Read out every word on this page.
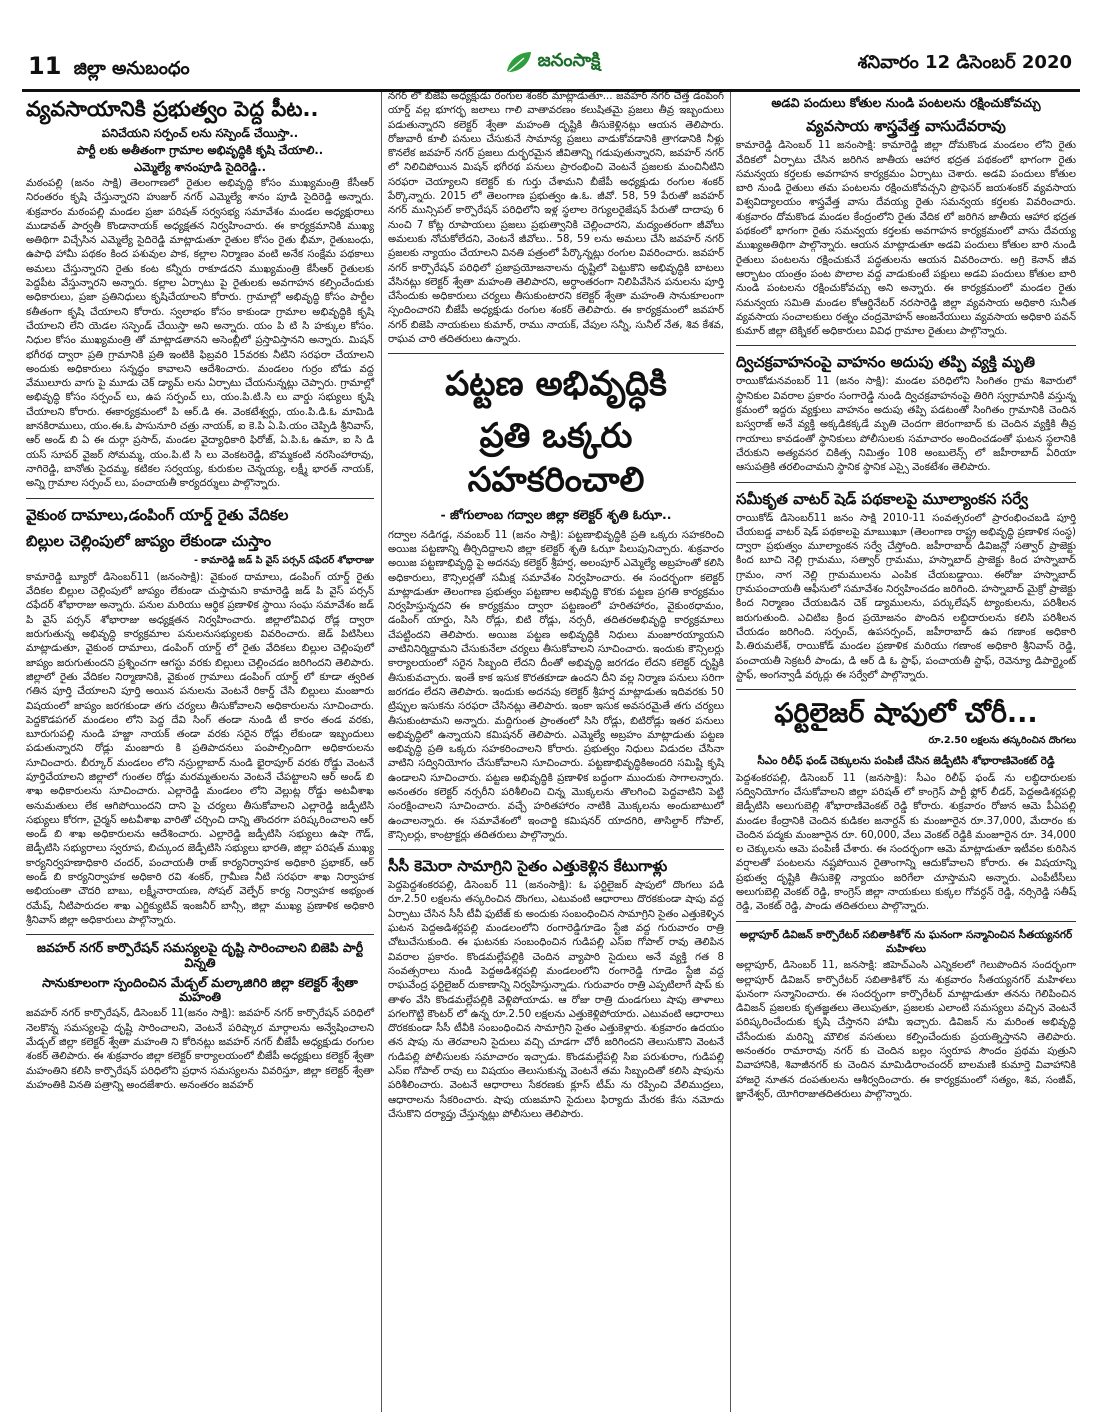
11 జిల్లా అనుబంధం	జనంసాక్షి	శనివారం 12 డిసెంబర్ 2020
వ్యవసాయానికి ప్రభుత్వం పెద్ద పీట..
పనిచేయని సర్పంచ్ లను సస్పెండ్ చేయిస్తా..
పార్టీ లకు అతీతంగా గ్రామాల అభివృద్ధికి కృషి చేయాలి..
ఎమ్మెల్యే శానంపూడి సైదిరెడ్డి..

మఠంపల్లి (జనం సాక్షి) తెలంగాణలో రైతుల అభివృద్ధి కోసం ముఖ్యమంత్రి కేసీఆర్ నిరంతరం కృషి చేస్తున్నారని హుజుర్ నగర్ ఎమ్మెల్యే శానం పూడి సైదిరెడ్డి అన్నారు. శుక్రవారం మఠంపల్లి మండల ప్రజా పరిషత్ సర్వసభ్య సమావేశం మండల అధ్యక్షురాలు ముడావత్ పార్వతీ కొండానాయక్ అధ్యక్షతన నిర్వహించారు. ఈ కార్యక్రమానికి ముఖ్య అతిథిగా విచ్చేసిన ఎమ్మెల్యే సైదిరెడ్డి మాట్లాడుతూ రైతుల కోసం రైతు భీమా, రైతుబంధు, ఉపాధి హామీ పథకం కింద పశువుల పాక, కల్లాల నిర్మాణం వంటి అనేక సంక్షేమ పథకాలు అమలు చేస్తున్నారని రైతు కంట కన్నీరు రాకూడదని ముఖ్యమంత్రి కేసీఆర్ రైతులకు పెద్దపీట వేస్తున్నారని అన్నారు. కల్లాల ఏర్పాటు పై రైతులకు అవగాహన కల్పించేందుకు అధికారులు, ప్రజా ప్రతినిధులు కృషిచేయాలని కోరారు. గ్రామాల్లో అభివృద్ధి కోసం పార్టీల కతీతంగా కృషి చేయాలని కోరారు. స్వలాభం కోసం కాకుండా గ్రామాల అభివృద్ధికి కృషి చేయాలని లేని యెడల సస్పెండ్ చేయిస్తా అని అన్నారు. యం పి టి సి హక్కుల కోసం. నిధుల కోసం ముఖ్యమంత్రి తో మాట్లాడతానని అసెంబ్లీలో ప్రస్తావిస్తానని అన్నారు. మిషన్ భగీరథ ద్వారా ప్రతి గ్రామానికి ప్రతి ఇంటికి ఫిబ్రవరి 15వరకు నీటిని సరఫరా చేయాలని అందుకు అధికారులు సన్నద్ధం కావాలని ఆదేశించారు. మండలం గుర్రం బోడు వద్ద వేములూరు వాగు పై మూడు చెక్ డ్యామ్ లను ఏర్పాటు చేయనున్నట్లు చెప్పారు. గ్రామాల్లో అభివృద్ధి కోసం సర్పంచ్ లు, ఉప సర్పంచ్ లు, యం.పి.టి.సి లు వార్డు సభ్యులు కృషి చేయాలని కోరారు. ఈకార్యక్రమంలో పి ఆర్.డి ఈ. వెంకటేశ్వర్లు, యం.పి.డి.ఓ మామిడి జానకిరాములు, యం.ఈ.ఓ పాసునూరి చత్రు నాయక్, ఐ కె.పి ఏ.పి.యం చెప్పిడి శ్రీనివాస్, ఆర్ అండ్ బి ఏ ఈ దుర్గా ప్రసాద్, మండల వైద్యాధికారి ఫిరోజ్, ఏ.పి.ఓ ఉమా, ఐ సి డి యస్ సూపర్ వైజర్ సోమమ్మ, యం.పి.టి సి లు వెంకటరెడ్డి, బొమ్మకంటి నరసింహారావు, నాగిరెడ్డి, బానోతు సైదమ్మ, కటికల సర్వయ్య, కురుకుల చెన్నయ్య, లక్ష్మీ భారత్ నాయక్, అన్ని గ్రామాల సర్పంచ్ లు, పంచాయతీ కార్యదర్శులు పాల్గొన్నారు.

వైకుంఠ దామాలు,డంపింగ్ యార్డ్ రైతు వేదికల
బిల్లుల చెల్లింపులో జాప్యం లేకుండా చుస్తాం
- కామారెడ్డి జడ్ పి వైస్ పర్సన్ దఫేదర్ శోభారాజు

కామారెడ్డి బ్యూరో డిసెంబర్11 (జనంసాక్షి): వైకుంఠ దామాలు, డంపింగ్ యార్డ్ రైతు వేదికల బిల్లుల చెల్లింపులో జాప్యం లేకుండా చుస్తామని కామారెడ్డి జడ్ పి వైస్ పర్సన్ దఫేదర్ శోభారాజు అన్నారు. పనుల మరియు ఆర్థిక ప్రణాళిక స్థాయి సంఘ సమావేశం జడ్ పి వైస్ పర్సన్ శోభారాజు అధ్యక్షతన నిర్వహించారు. జిల్లాలోవివిధ రోడ్ల ద్వారా జరుగుతున్న అభివృద్ధి కార్యక్రమాల పనులనుసభ్యులకు వివరించారు. జెడ్ పిటిసిలు మాట్లాడుతూ, వైకుంఠ దామాలు, డంపింగ్ యార్డ్ లో రైతు వేదికలు బిల్లుల చెల్లింపులో జాప్యం జరుగుతుందని ప్రశ్నించగా ఆగస్టు వరకు బిల్లులు చెల్లించడం జరిగిందని తెలిపారు. జిల్లాలో రైతు వేదికల నిర్మాణానికి, వైకుంఠ గ్రామాలు డంపింగ్ యార్డ్ లో కూడా త్వరిత గతిన పూర్తి చేయాలని పూర్తి అయిన పనులను వెంటనే రికార్డ్ చేసి బిల్లులు మంజూరు విషయంలో జాప్యం జరగకుండా తగు చర్యలు తీసుకోవాలని అధికారులను సూచించారు. పెద్దకొడపగల్ మండలం లోని పెద్ద దేవి సింగ్ తండా నుండి టీ కారం తండ వరకు, బూరుగుపల్లి నుండి హజ్జా నాయక్ తండా వరకు సరైన రోడ్లు లేకుండా ఇబ్బందులు పడుతున్నారని రోడ్లు మంజూరు కి ప్రతిపాదనలు పంపాల్సిందిగా అధికారులను సూచించారు. బీర్కూర్ మండలం లోని నస్రుల్లాబాద్ నుండి భైరాపూర్ వరకు రోడ్డు వెంటనే పూర్తిచేయాలని జిల్లాలో గుంతల రోడ్లు మరమ్మతులను వెంటనే చేపట్టాలని ఆర్ అండ్ బి శాఖ అధికారులను సూచించారు. ఎల్లారెడ్డి మండలం లోని వెల్లుట్ల రోడ్డు అటవీశాఖ అనుమతులు లేక ఆగిపోయిందని దాని పై చర్యలు తీసుకోవాలని ఎల్లారెడ్డి జడ్పీటిసి సభ్యులు కోరగా, చైర్మన్ అటవీశాఖ వారితో చర్చించి దాన్ని తొందరగా పరిష్కరించాలని ఆర్ అండ్ బి శాఖ అధికారులను ఆదేశించారు. ఎల్లారెడ్డి జడ్పీటిసి సభ్యులు ఉషా గౌడ్, జెడ్పీటిసి సభ్యురాలు స్వరూప, బిచ్కుంద జెడ్పీటిసి సభ్యులు భారతి, జిల్లా పరిషత్ ముఖ్య కార్యనిర్వహణాధికారి చందర్, పంచాయతీ రాజ్ కార్యనిర్వాహక అధికారి ప్రభాకర్, ఆర్ అండ్ బి కార్యనిర్వాహక అధికారి రవి శంకర్, గ్రామీణ నీటి సరఫరా శాఖ నిర్వాహక అభియంతా చౌదరి బాబు, లక్ష్మీనారాయణ, సోషల్ వెల్ఫేర్ కార్య నిర్వాహక అభ్యంత రమేష్, నీటిపారుదల శాఖ ఎగ్జిక్యుటివ్ ఇంజనీర్ బాన్సీ, జిల్లా ముఖ్య ప్రణాళిక అధికారి శ్రీనివాస్ జిల్లా అధికారులు పాల్గొన్నారు.

జవహర్ నగర్ కార్పొరేషన్ సమస్యలపై దృష్టి సారించాలని బిజెపి పార్టీ విన్నతి
సానుకూలంగా స్పందించిన మేడ్చల్ మల్కాజిగిరి జిల్లా కలెక్టర్ శ్వేతా మహంతి

జవహర్ నగర్ కార్పొరేషన్, డిసెంబర్ 11(జనం సాక్షి): జవహర్ నగర్ కార్పొరేషన్ పరిధిలో నెలకొన్న సమస్యలపై దృష్టి సారించాలని, వెంటనే పరిష్కార మార్గాలను అన్వేషించాలని మేడ్చల్ జిల్లా కలెక్టర్ శ్వేతా మహంతి ని కోరినట్లు జవహర్ నగర్ బీజేపీ అధ్యక్షుడు రంగుల శంకర్ తెలిపారు. ఈ శుక్రవారం జిల్లా కలెక్టర్ కార్యాలయంలో బీజేపీ అధ్యక్షులు కలెక్టర్ శ్వేతా మహంతిని కలిసి కార్పొరేషన్ పరిధిలోని ప్రధాన సమస్యలను వివరిస్తూ, జిల్లా కలెక్టర్ శ్వేతా మహంతికి వినతి పత్రాన్ని అందజేశారు. అనంతరం జవహర్

నగర్ లో బీజేపీ అధ్యక్షుడు రంగుల శంకర్ మాట్లాడుతూ... జవహర్ నగర్ చెత్త డంపింగ్ యార్డ్ వల్ల భూగర్భ జలాలు గాలి వాతావరణం కలుషితమై ప్రజలు తీవ్ర ఇబ్బందులు పడుతున్నారని కలెక్టర్ శ్వేతా మహంతి దృష్టికి తీసుకెళ్లినట్లు ఆయన తెలిపారు. రోజువారీ కూలీ పనులు చేసుకునే సామాన్య ప్రజలు వాడుకోవడానికి త్రాగడానికి నీళ్లు కొనలేక జవహర్ నగర్ ప్రజలు దుర్భరమైన జీవితాన్ని గడుపుతున్నారని, జవహర్ నగర్ లో నిలిచిపోయిన మిషన్ భగీరథ పనులు ప్రారంభించి వెంటనే ప్రజలకు మంచినీటిని సరఫరా చెయ్యాలని కలెక్టర్ కు గుర్తు చేశామని బీజేపీ అధ్యక్షుడు రంగుల శంకర్ పేర్కొన్నారు. 2015 లో తెలంగాణ ప్రభుత్వం ఉ.ఓ. జీవో. 58, 59 పేరుతో జవహర్ నగర్ మున్సిపల్ కార్పొరేషన్ పరిధిలోని ఇళ్ల స్థలాల రెగ్యులరైజేషన్ పేరుతో దాదాపు 6 నుంచి 7 కోట్ల రూపాయలు ప్రజలు ప్రభుత్వానికి చెల్లించారని, మద్యంతరంగా జీవోలు అమలుకు నోచుకోలేదని, వెంటనే జీవోలు.. 58, 59 లను అమలు చేసి జవహర్ నగర్ ప్రజలకు న్యాయం చేయాలని వినతి పత్రంలో పేర్కొన్నట్లు రంగుల వివరించారు. జవహర్ నగర్ కార్పొరేషన్ పరిధిలో ప్రజాప్రయోజనాలను దృష్టిలో పెట్టుకొని అభివృద్ధికి బాటలు వేసినట్లు కలెక్టర్ శ్వేతా మహంతి తెలిపారని, అర్ధాంతరంగా నిలిపివేసిన పనులను పూర్తి చేసేందుకు అధికారులు చర్యలు తీసుకుంటారని కలెక్టర్ శ్వేతా మహంతి సానుకూలంగా స్పందించారని బీజేపీ అధ్యక్షుడు రంగుల శంకర్ తెలిపారు. ఈ కార్యక్రమంలో జవహర్ నగర్ బిజెపి నాయకులు కుమార్, రాము నాయక్, వేపుల సన్నీ, సునీల్ నేత, శివ కేశవ, రాఘవ చారి తదితరులు ఉన్నారు.

పట్టణ అభివృద్ధికి
ప్రతి ఒక్కరు సహకరించాలి
- జోగులాంబ గద్వాల జిల్లా కలెక్టర్ శృతి ఓఝా..

గద్వాల నడిగడ్డ, నవంబర్ 11 (జనం సాక్షి): పట్టణాభివృద్ధికి ప్రతి ఒక్కరు సహకరించి అయిజ పట్టణాన్ని తీర్చిదిద్దాలని జిల్లా కలెక్టర్ శృతి ఓఝా పిలుపునిచ్చారు. శుక్రవారం అయిజ పట్టణాభివృద్ధి పై అదనపు కలెక్టర్ శ్రీహర్ష, అలంపూర్ ఎమ్మెల్యే అబ్రహంతో కలిసి అధికారులు, కౌన్సిలర్లతో సమీక్ష సమావేశం నిర్వహించారు. ఈ సందర్భంగా కలెక్టర్ మాట్లాడుతూ తెలంగాణ ప్రభుత్వం పట్టణాల అభివృద్ధి కొరకు పట్టణ ప్రగతి కార్యక్రమం నిర్వహిస్తున్నదని ఈ కార్యక్రమం ద్వారా పట్టణంలో హరితహారం, వైకుంఠధామం, డంపింగ్ యార్డు, సిసి రోడ్లు, బిటి రోడ్లు, నర్సరీ, తదితరఅభివృద్ధి కార్యక్రమాలు చేపట్టిందని తెలిపారు. అయిజ పట్టణ అభివృద్ధికి నిధులు మంజూరయ్యాయని వాటినినిర్మిద్దామని చేసుకునేలా చర్యలు తీసుకోవాలని సూచించారు. ఇందుకు కౌన్సిలర్లు కార్యాలయంలో సరైన సిబ్బంది లేదని దీంతో అభివృద్ధి జరగడం లేదని కలెక్టర్ దృష్టికి తీసుకువచ్చారు. ఇంతే కాక ఇసుక కొరతకూడా ఉందని దీని వల్ల నిర్మాణ పనులు సరిగా జరగడం లేదని తెలిపారు. ఇందుకు అదనపు కలెక్టర్ శ్రీహర్ష మాట్లాడుతు ఇదివరకు 50 ట్రిప్పుల ఇసుకను సరఫరా చేసినట్లు తెలిపారు. ఇంకా ఇసుక అవసరమైతే తగు చర్యలు తీసుకుంటామని అన్నారు. మద్దిగుంత ప్రాంతంలో సిసి రోడ్లు, బిటిరోడ్లు ఇతర పనులు అభివృద్ధిలో ఉన్నాయని కమిషనర్ తెలిపారు. ఎమ్మెల్యే అబ్రహం మాట్లాడుతు పట్టణ అభివృద్ధి ప్రతి ఒక్కరు సహకరించాలని కోరారు. ప్రభుత్వం నిధులు విడుదల చేసినా వాటిని సద్వినియోగం చేసుకోవాలని సూచించారు. పట్టణాభివృద్ధికిఅందరి సమిష్టి కృషి ఉండాలని సూచించారు. పట్టణ అభివృద్ధికి ప్రణాళిక బద్ధంగా ముందుకు సాగాలన్నారు. అనంతరం కలెక్టర్ నర్సరీని పరిశీలించి చిన్న మొక్కలను తొలగించి పెద్దవాటిని పెట్టి సంరక్షించాలని సూచించారు. వచ్చే హరితహారం నాటికి మొక్కలను అందుబాటులో ఉంచాలన్నారు. ఈ సమావేశంలో ఇంచార్జి కమిషనర్ యాదగిరి, తాసిల్దార్ గోపాల్, కౌన్సిలర్లు, కాంట్రాక్టర్లు తదితరులు పాల్గొన్నారు.

సీసీ కెమెరా సామాగ్రిని సైతం ఎత్తుకెళ్లిన కేటుగాళ్లు

పెద్దపెద్దశంకరపల్లి, డిసెంబర్ 11 (జనంసాక్షి): ఓ ఫర్టిలైజర్ షాపులో దొంగలు పడి రూ.2.50 లక్షలను తస్కరించిన దొంగలు, ఎటువంటి ఆధారాలు దొరకకుండా షాపు వద్ద ఏర్పాటు చేసిన సీసీ టీవీ ఫుటేజ్ కు అందుకు సంబంధించిన సామాగ్రిని సైతం ఎత్తుకెళ్ళిన ఘటన పెద్దఅడిశర్లపల్లి మండలంలోని రంగారెడ్డిగూడెం స్టేజి వద్ద గురువారం రాత్రి చోటుచేసుకుంది. ఈ ఘటనకు సంబంధించిన గుడిపల్లి ఎస్ఐ గోపాల్ రావు తెలిపిన వివరాల ప్రకారం. కొండమల్లేపల్లికి చెందిన వ్యాపారి సైదులు అనే వ్యక్తి గత 8 సంవత్సరాలు నుండి పెద్దఅడిశర్లపల్లి మండలంలోని రంగారెడ్డి గూడెం స్టేజి వద్ద రాఘవేంద్ర ఫర్టిలైజర్ దుకాణాన్ని నిర్వహిస్తున్నాడు. గురువారం రాత్రి ఎప్పటిలాగే షాప్ కు తాళం వేసి కొండమల్లేపల్లికి వెళ్లిపోయాడు. ఆ రోజు రాత్రి దుండగులు షాపు తాళాలు పగలగొట్టి కౌంటర్ లో ఉన్న రూ.2.50 లక్షలను ఎత్తుకెళ్లిపోయారు. ఎటువంటి ఆధారాలు దొరకకుండా సీసీ టీవీకి సంబంధించిన సామాగ్రిని సైతం ఎత్తుకెళ్లారు. శుక్రవారం ఉదయం తన షాపు ను తెరవాలని సైదులు వచ్చి చూడగా చోరీ జరిగిందని తెలుసుకొని వెంటనే గుడిపల్లి పోలీసులకు సమాచారం ఇచ్చాడు. కొండమల్లేపల్లి సిఐ పరుశురాం, గుడిపల్లి ఎస్ఐ గోపాల్ రావు లు విషయం తెలుసుకున్న వెంటనే తమ సిబ్బందితో కలిసి షాపును పరిశీలించారు. వెంటనే ఆధారాలు సేకరణకు క్లూస్ టీమ్ ను రప్పించి వేలిముద్రలు, ఆధారాలను సేకరించారు. షాపు యజమాని సైదులు ఫిర్యాదు మేరకు కేసు నమోదు చేసుకొని దర్యాప్తు చేస్తున్నట్లు పోలీసులు తెలిపారు.

అడవి పందులు కోతుల నుండి పంటలను రక్షించుకోవచ్చు
వ్యవసాయ శాస్త్రవేత్త వాసుదేవరావు

కామారెడ్డి డిసెంబర్ 11 జనంసాక్షి: కామారెడ్డి జిల్లా దోమకొండ మండలం లోని రైతు వేదికలో ఏర్పాటు చేసిన జరిగిన జాతీయ ఆహార భద్రత పథకంలో భాగంగా రైతు సమన్వయ కర్తలకు అవగాహన కార్యక్రమం ఏర్పాటు చెశారు. అడవి పందులు కోతుల బారి నుండి రైతులు తమ పంటలను రక్షించుకోవచ్చని ప్రొఫెసర్ జయశంకర్ వ్యవసాయ విశ్వవిద్యాలయం శాస్త్రవేత్త వాసు దేవయ్య రైతు సమన్వయ కర్తలకు వివరించారు. శుక్రవారం దోమకొండ మండల కేంద్రంలోని రైతు వేదిక లో జరిగిన జాతీయ ఆహార భద్రత పథకంలో భాగంగా రైతు సమన్వయ కర్తలకు అవగాహన కార్యక్రమంలో వాసు దేవయ్య ముఖ్యఅతిథిగా పాల్గొన్నారు. ఆయన మాట్లాడుతూ అడవి పందులు కోతుల బారి నుండి రైతులు పంటలను రక్షించుకునే పద్ధతులను ఆయన వివరించారు. అగ్రి కెనాన్ జీవ ఆర్భాటం యంత్రం పంట పొలాల వద్ద వాడుకుంటే పక్షులు అడవి పందులు కోతుల బారి నుండి పంటలను రక్షించుకోవచ్చు అని అన్నారు. ఈ కార్యక్రమంలో మండల రైతు సమన్వయ సమితి మండల కోఆర్డినేటర్ నరసారెడ్డి జిల్లా వ్యవసాయ అధికారి సునీత వ్యవసాయ సంచాలకులు రత్నం చంద్రమోహన్ ఆంజనేయులు వ్యవసాయ అధికారి పవన్ కుమార్ జిల్లా టెక్నికల్ అధికారులు వివిధ గ్రామాల రైతులు పాల్గొన్నారు.

ద్విచక్రవాహనంపై వాహనం అదుపు తప్పి వ్యక్తి మృతి

రాయికోడునవంబర్ 11 (జనం సాక్షి): మండల పరిధిలోని సింగితం గ్రామ శివారులో స్థానికుల వివరాల ప్రకారం సంగారెడ్డి నుండి ద్విచక్రవాహనంపై తిరిగి స్వగ్రామానికి వస్తున్న క్రమంలో ఇద్దరు వ్యక్తులు వాహనం అదుపు తప్పి పడటంతో సింగితం గ్రామానికి చెందిన బస్వరాజ్ అనే వ్యక్తి అక్కడికక్కడే మృతి చెందగా జెరంగాబాద్ కు చెందిన వ్యక్తికి తీవ్ర గాయాలు కావడంతో స్థానికులు పోలీసులకు సమాచారం అందించడంతో ఘటన స్థలానికి చేరుకుని అత్యవసర చికిత్స నిమిత్తం 108 అంబులెన్స్ లో జహీరాబాద్ ఏరియా ఆసుపత్రికి తరలించామని స్థానిక స్థానిక ఎస్సై వెంకటేశం తెలిపారు.

సమీకృత వాటర్ షెడ్ పథకాలపై మూల్యాంకన సర్వే

రాయికోడ్ డిసెంబర్11 జనం సాక్షి 2010-11 సంవత్సరంలో ప్రారంభించబడి పూర్తి చేయబడ్డ వాటర్ షెడ్ పథకాలపై మాఋఖూ (తెలంగాణ రాష్ట్ర అభివృద్ధి ప్రణాళిక సంస్థ) ద్వారా ప్రభుత్వం మూల్యాంకన సర్వే చేస్తోంది. జహీరాబాద్ డివిజన్లో సత్వార్ ప్రాజెక్టు కింద బూచి నెల్లి గ్రామము, సత్వార్ గ్రామము, హస్నాబాద్ ప్రాజెక్టు కింద హస్నాబాద్ గ్రామం, నాగ నెల్లి గ్రామములను ఎంపిక చేయబడ్డాయి. ఈరోజు హస్నాబాద్ గ్రామపంచాయతీ ఆఫీసులో సమావేశం నిర్వహించడం జరిగింది. హస్నాబాద్ మైక్రో ప్రాజెక్టు కింద నిర్మాణం చేయబడిన చెక్ డ్యాములను, పర్కులేషన్ ట్యాంకులను, పరిశీలన జరుగుతుంది. ఎచిటిబ క్రింద ప్రయోజనం పొందిన లబ్ధిదారులను కలిసి పరిశీలన చేయడం జరిగింది. సర్పంచ్, ఉపసర్పంచ్, జహీరాబాద్ ఉప గణాంక అధికారి పి.తిరుమలేశ్, రాయికోడ్ మండల ప్రణాళిక మరియు గణాంక అధికారి శ్రీనివాస్ రెడ్డి, పంచాయతీ సెక్రటరీ పాండు, డి ఆర్ డి ఓ స్టాఫ్, పంచాయతీ స్టాఫ్, రెవెన్యూ డిపార్ట్మెంట్ స్టాఫ్, అంగన్వాడీ వర్కర్లు ఈ సర్వేలో పాల్గొన్నారు.

ఫర్టిలైజర్ షాపులో చోరీ...
రూ.2.50 లక్షలను తస్కరించిన దొంగలు
సీఎం రిలీఫ్ ఫండ్ చెక్కులను పంపిణీ చేసిన జెడ్పీటిసి శోభారాణివెంకట్ రెడ్డి

పెద్దశంకరపల్లి, డిసెంబర్ 11 (జనసాక్షి): సీఎం రిలీఫ్ ఫండ్ ను లబ్ధిదారులకు సద్వినియోగం చేసుకోవాలని జిల్లా పరిషత్ లో కాంగ్రెస్ పార్టీ ఫ్లోర్ లీడర్, పెద్దఅడిశర్లపల్లి జెడ్పీటిసి అలుగుబెల్లి శోభారాణివెంకట్ రెడ్డి కోరారు. శుక్రవారం రోజున ఆమె పీఏపల్లి మండల కేంద్రానికి చెందిన కుడికల జనార్దన్ కు మంజూరైన రూ.37,000, మేదారం కు చెందిన పద్మకు మంజూరైన రూ. 60,000, వేలు వెంకట్ రెడ్డికి మంజూరైన రూ. 34,000 ల చెక్కులను ఆమె పంపిణీ చేశారు. ఈ సందర్భంగా ఆమె మాట్లాడుతూ ఇటీవల కురిసిన వర్షాలతో పంటలను నష్టపోయిన రైతాంగాన్ని ఆదుకోవాలని కోరారు. ఈ విషయాన్ని ప్రభుత్వ దృష్టికి తీసుకెళ్లి న్యాయం జరిగేలా చూస్తామని అన్నారు. ఎంపీటీసీలు అలుగుబెల్లి వెంకట్ రెడ్డి, కాంగ్రెస్ జిల్లా నాయకులు కుక్కల గోవర్ధన్ రెడ్డి, నర్సిరెడ్డి సతీష్ రెడ్డి, వెంకట్ రెడ్డి, పాండు తదితరులు పాల్గొన్నారు.

అల్లాపూర్ డివిజన్ కార్పొరేటర్ సబితాకిశోర్ ను ఘనంగా సన్మానించిన సీతయ్యనగర్ మహిళలు

అల్లాపూర్, డిసెంబర్ 11, జనసాక్షి: జిహెచ్ఎంసి ఎన్నికలలో గెలుపొందిన సందర్భంగా అల్లాపూర్ డివిజన్ కార్పొరేటర్ సబితాకిశోర్ ను శుక్రవారం సీతయ్యనగర్ మహిళలు ఘనంగా సన్మానించారు. ఈ సందర్భంగా కార్పొరేటర్ మాట్లాడుతూ తనను గెలిపించిన డివిజన్ ప్రజలకు కృతజ్ఞతలు తెలుపుతూ, ప్రజలకు ఎలాంటి సమస్యలు వచ్చిన వెంటనే పరిష్కరించేందుకు కృషి చేస్తానని హామీ ఇచ్చారు. డివిజన్ ను మరింత అభివృద్ధి చేసేందుకు మరిన్ని మౌలిక వసతులు కల్పించేందుకు ప్రయత్నిస్తానని తెలిపారు. అనంతరం రామారావు నగర్ కు చెందిన బల్లం స్వరూప సౌందం ప్రథమ పుత్రుని వివాహానికి, శివాజీనగర్ కు చెందిన మామిడిరాంచందర్ బాలమణి కుమార్తె వివాహానికి హాజరై నూతన దంపతులను ఆశీర్వదించారు. ఈ కార్యక్రమంలో సత్యం, శివ, సంజీవ్, జ్ఞానేశ్వర్, యోగిరాజుతదితరులు పాల్గొన్నారు.
